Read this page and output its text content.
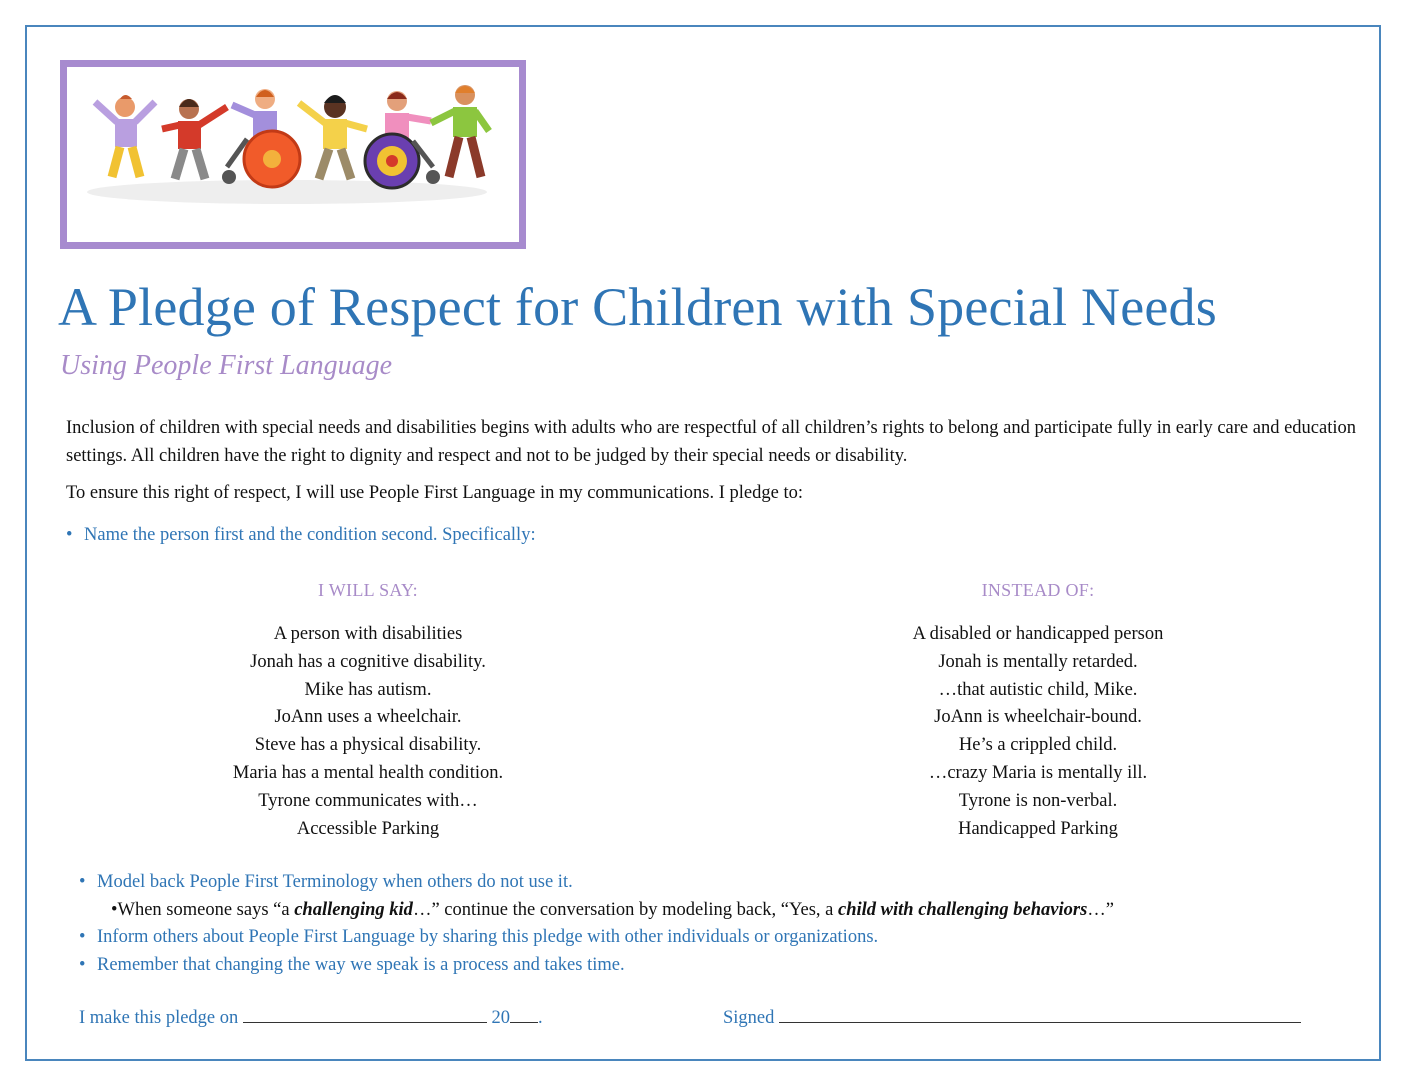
A Pledge of Respect for Children with Special Needs
Using People First Language

Inclusion of children with special needs and disabilities begins with adults who are respectful of all children’s rights to belong and participate fully in early care and education settings. All children have the right to dignity and respect and not to be judged by their special needs or disability.

To ensure this right of respect, I will use People First Language in my communications. I pledge to:

• Name the person first and the condition second. Specifically:

I WILL SAY:

A person with disabilities
Jonah has a cognitive disability.
Mike has autism.
JoAnn uses a wheelchair.
Steve has a physical disability.
Maria has a mental health condition.
Tyrone communicates with…
Accessible Parking

INSTEAD OF:

A disabled or handicapped person
Jonah is mentally retarded.
…that autistic child, Mike.
JoAnn is wheelchair-bound.
He’s a crippled child.
…crazy Maria is mentally ill.
Tyrone is non-verbal.
Handicapped Parking

• Model back People First Terminology when others do not use it.

•When someone says “a challenging kid…” continue the conversation by modeling back, “Yes, a child with challenging behaviors…”

• Inform others about People First Language by sharing this pledge with other individuals or organizations.

• Remember that changing the way we speak is a process and takes time.

I make this pledge on	20 .	Signed
